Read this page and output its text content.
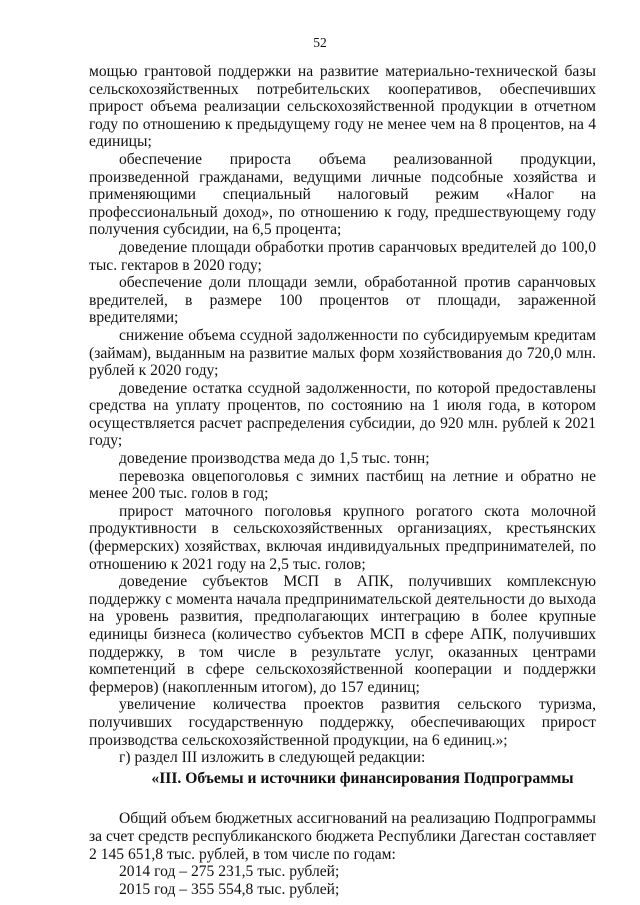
52

мощью грантовой поддержки на развитие материально-технической базы сельскохозяйственных потребительских кооперативов, обеспечивших прирост объема реализации сельскохозяйственной продукции в отчетном году по отношению к предыдущему году не менее чем на 8 процентов, на 4 единицы;

обеспечение прироста объема реализованной продукции, произведенной гражданами, ведущими личные подсобные хозяйства и применяющими специальный налоговый режим «Налог на профессиональный доход», по отношению к году, предшествующему году получения субсидии, на 6,5 процента;

доведение площади обработки против саранчовых вредителей до 100,0 тыс. гектаров в 2020 году;

обеспечение доли площади земли, обработанной против саранчовых вредителей, в размере 100 процентов от площади, зараженной вредителями;

снижение объема ссудной задолженности по субсидируемым кредитам (займам), выданным на развитие малых форм хозяйствования до 720,0 млн. рублей к 2020 году;

доведение остатка ссудной задолженности, по которой предоставлены средства на уплату процентов, по состоянию на 1 июля года, в котором осуществляется расчет распределения субсидии, до 920 млн. рублей к 2021 году;

доведение производства меда до 1,5 тыс. тонн;

перевозка овцепоголовья с зимних пастбищ на летние и обратно не менее 200 тыс. голов в год;

прирост маточного поголовья крупного рогатого скота молочной продуктивности в сельскохозяйственных организациях, крестьянских (фермерских) хозяйствах, включая индивидуальных предпринимателей, по отношению к 2021 году на 2,5 тыс. голов;

доведение субъектов МСП в АПК, получивших комплексную поддержку с момента начала предпринимательской деятельности до выхода на уровень развития, предполагающих интеграцию в более крупные единицы бизнеса (количество субъектов МСП в сфере АПК, получивших поддержку, в том числе в результате услуг, оказанных центрами компетенций в сфере сельскохозяйственной кооперации и поддержки фермеров) (накопленным итогом), до 157 единиц;

увеличение количества проектов развития сельского туризма, получивших государственную поддержку, обеспечивающих прирост производства сельскохозяйственной продукции, на 6 единиц.»;

г) раздел III изложить в следующей редакции:

«III. Объемы и источники финансирования Подпрограммы

Общий объем бюджетных ассигнований на реализацию Подпрограммы за счет средств республиканского бюджета Республики Дагестан составляет 2 145 651,8 тыс. рублей, в том числе по годам:

2014 год – 275 231,5 тыс. рублей;

2015 год – 355 554,8 тыс. рублей;
